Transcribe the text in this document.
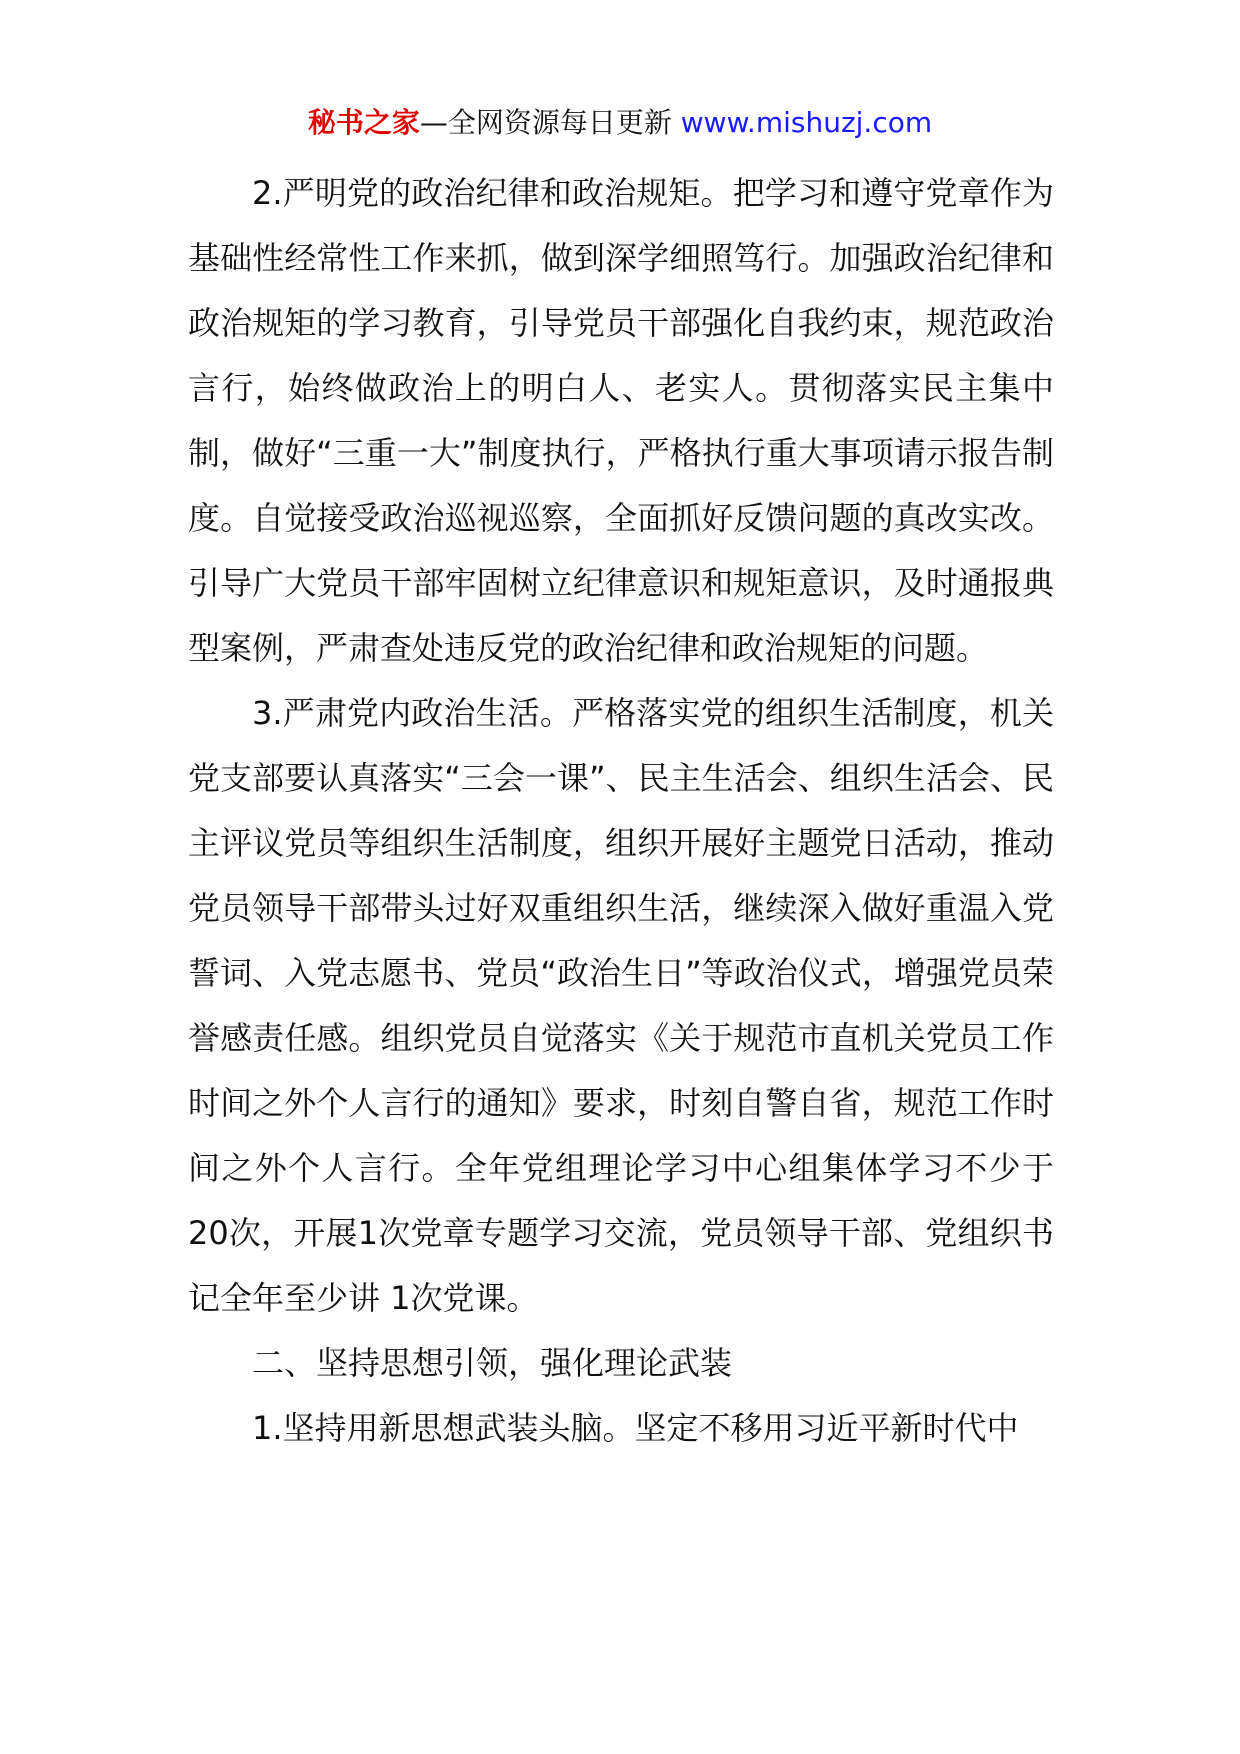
秘书之家—全网资源每日更新 www.mishuzj.com

2.严明党的政治纪律和政治规矩。把学习和遵守党章作为基础性经常性工作来抓，做到深学细照笃行。加强政治纪律和政治规矩的学习教育，引导党员干部强化自我约束，规范政治言行，始终做政治上的明白人、老实人。贯彻落实民主集中制，做好“三重一大”制度执行，严格执行重大事项请示报告制度。自觉接受政治巡视巡察，全面抓好反馈问题的真改实改。引导广大党员干部牢固树立纪律意识和规矩意识，及时通报典型案例，严肃查处违反党的政治纪律和政治规矩的问题。

3.严肃党内政治生活。严格落实党的组织生活制度，机关党支部要认真落实“三会一课”、民主生活会、组织生活会、民主评议党员等组织生活制度，组织开展好主题党日活动，推动党员领导干部带头过好双重组织生活，继续深入做好重温入党誓词、入党志愿书、党员“政治生日”等政治仪式，增强党员荣誉感责任感。组织党员自觉落实《关于规范市直机关党员工作时间之外个人言行的通知》要求，时刻自警自省，规范工作时间之外个人言行。全年党组理论学习中心组集体学习不少于20次，开展1次党章专题学习交流，党员领导干部、党组织书记全年至少讲 1次党课。

二、坚持思想引领，强化理论武装

1.坚持用新思想武装头脑。坚定不移用习近平新时代中
